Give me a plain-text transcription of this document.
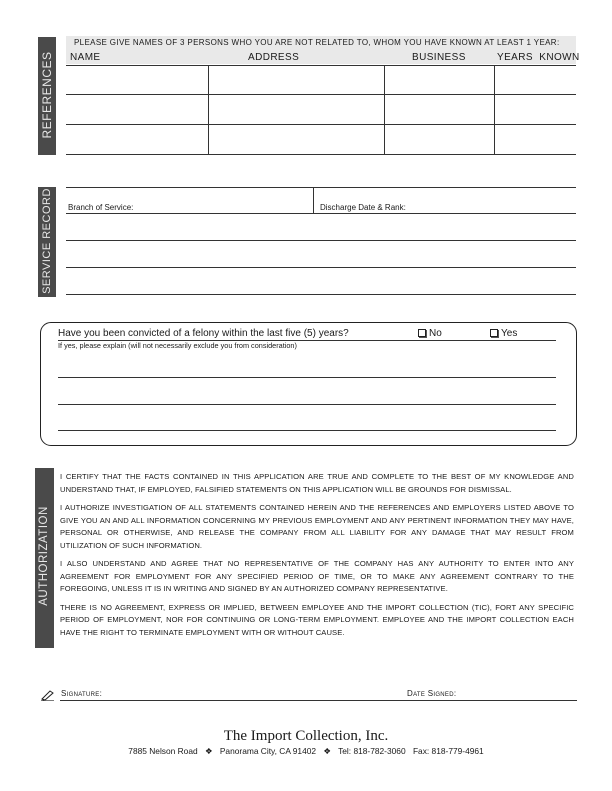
REFERENCES
PLEASE GIVE NAMES OF 3 PERSONS WHO YOU ARE NOT RELATED TO, WHOM YOU HAVE KNOWN AT LEAST 1 YEAR:
NAME	ADDRESS	BUSINESS	YEARS  KNOWN
SERVICE RECORD Branch of Service:	Discharge Date & Rank:
Have you been convicted of a felony within the last five (5) years?	No	Yes
If yes, please explain (will not necessarily exclude you from consideration)
AUTHORIZATION

I CERTIFY THAT THE FACTS CONTAINED IN THIS APPLICATION ARE TRUE AND COMPLETE TO THE BEST OF MY KNOWLEDGE AND UNDERSTAND THAT, IF EMPLOYED, FALSIFIED STATEMENTS ON THIS APPLICATION WILL BE GROUNDS FOR DISMISSAL.

I AUTHORIZE INVESTIGATION OF ALL STATEMENTS CONTAINED HEREIN AND THE REFERENCES AND EMPLOYERS LISTED ABOVE TO GIVE YOU AN AND ALL INFORMATION CONCERNING MY PREVIOUS EMPLOYMENT AND ANY PERTINENT INFORMATION THEY MAY HAVE, PERSONAL OR OTHERWISE, AND RELEASE THE COMPANY FROM ALL LIABILITY FOR ANY DAMAGE THAT MAY RESULT FROM UTILIZATION OF SUCH INFORMATION.

I ALSO UNDERSTAND AND AGREE THAT NO REPRESENTATIVE OF THE COMPANY HAS ANY AUTHORITY TO ENTER INTO ANY AGREEMENT FOR EMPLOYMENT FOR ANY SPECIFIED PERIOD OF TIME, OR TO MAKE ANY AGREEMENT CONTRARY TO THE FOREGOING, UNLESS IT IS IN WRITING AND SIGNED BY AN AUTHORIZED COMPANY REPRESENTATIVE.

THERE IS NO AGREEMENT, EXPRESS OR IMPLIED, BETWEEN EMPLOYEE AND THE IMPORT COLLECTION (TIC), FORT ANY SPECIFIC PERIOD OF EMPLOYMENT, NOR FOR CONTINUING OR LONG-TERM EMPLOYMENT. EMPLOYEE AND THE IMPORT COLLECTION EACH HAVE THE RIGHT TO TERMINATE EMPLOYMENT WITH OR WITHOUT CAUSE.

Signature:	Date Signed:
The Import Collection, Inc.
7885 Nelson Road ❖ Panorama City, CA 91402 ❖ Tel: 818-782-3060 Fax: 818-779-4961
